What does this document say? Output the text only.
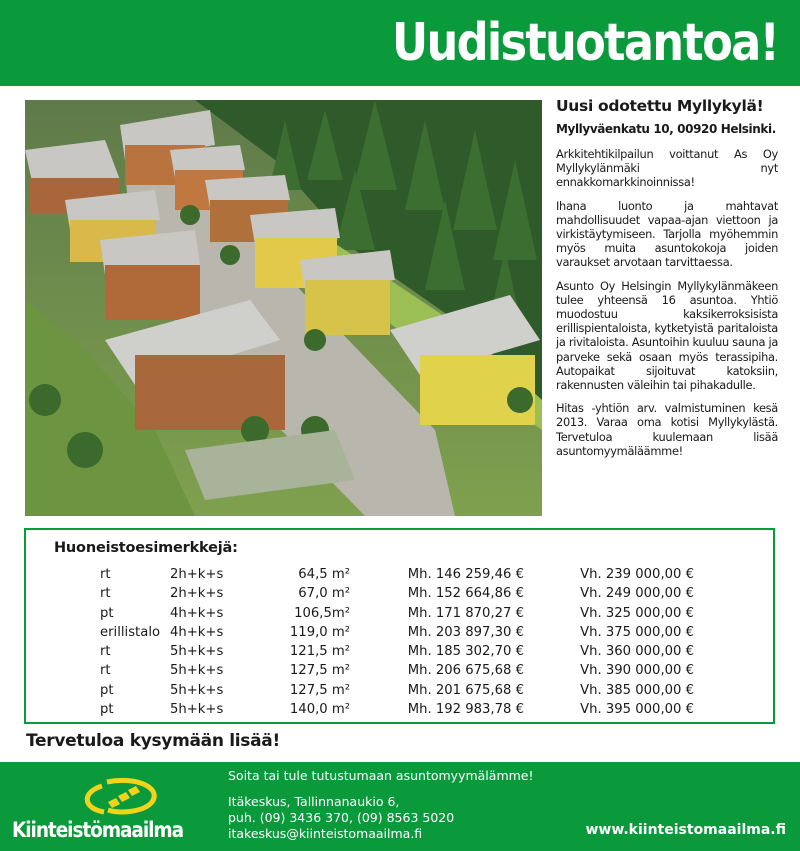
Uudistuotantoa!
Uusi odotettu Myllykylä!
Myllyväenkatu 10, 00920 Helsinki.

Arkkitehtikilpailun voittanut As Oy Myllykylänmäki nyt ennakkomarkkinoinnissa!

Ihana luonto ja mahtavat mahdollisuudet vapaa-ajan viettoon ja virkistäytymiseen. Tarjolla myöhemmin myös muita asuntokokoja joiden varaukset arvotaan tarvittaessa.

Asunto Oy Helsingin Myllykylänmäkeen tulee yhteensä 16 asuntoa. Yhtiö muodostuu kaksikerroksisista erillispientaloista, kytketyistä paritaloista ja rivitaloista. Asuntoihin kuuluu sauna ja parveke sekä osaan myös terassipiha. Autopaikat sijoituvat katoksiin, rakennusten väleihin tai pihakadulle.

Hitas -yhtiön arv. valmistuminen kesä 2013. Varaa oma kotisi Myllykylästä. Tervetuloa kuulemaan lisää asuntomyymäläämme!

Huoneistoesimerkkejä:
rt	2h+k+s	64,5 m²	Mh. 146 259,46 €	Vh. 239 000,00 €
rt	2h+k+s	67,0 m²	Mh. 152 664,86 €	Vh. 249 000,00 €
pt	4h+k+s	106,5m²	Mh. 171 870,27 €	Vh. 325 000,00 €
erillistalo 4h+k+s	119,0 m²	Mh. 203 897,30 €	Vh. 375 000,00 €
rt	5h+k+s	121,5 m²	Mh. 185 302,70 €	Vh. 360 000,00 €
rt	5h+k+s	127,5 m²	Mh. 206 675,68 €	Vh. 390 000,00 €
pt	5h+k+s	127,5 m²	Mh. 201 675,68 €	Vh. 385 000,00 €
pt	5h+k+s	140,0 m²	Mh. 192 983,78 €	Vh. 395 000,00 €
Tervetuloa kysymään lisää!
Kiinteistömaailma
Soita tai tule tutustumaan asuntomyymälämme!
Itäkeskus, Tallinnanaukio 6,
puh. (09) 3436 370, (09) 8563 5020
itakeskus@kiinteistomaailma.fi	www.kiinteistomaailma.fi
